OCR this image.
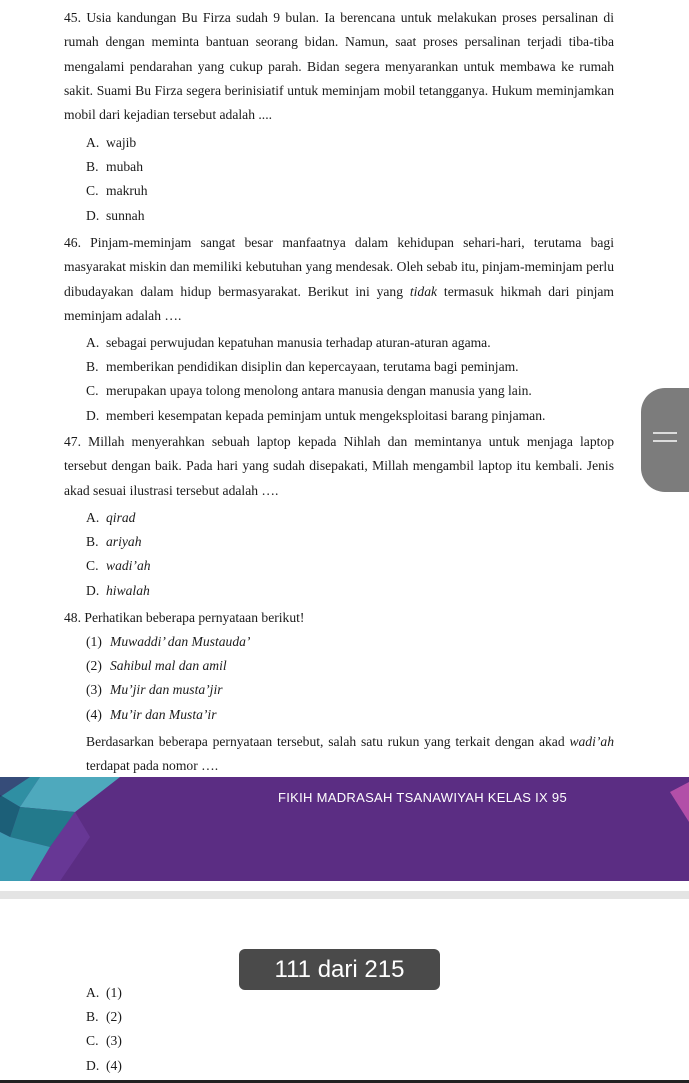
45. Usia kandungan Bu Firza sudah 9 bulan. Ia berencana untuk melakukan proses persalinan di rumah dengan meminta bantuan seorang bidan. Namun, saat proses persalinan terjadi tiba-tiba mengalami pendarahan yang cukup parah. Bidan segera menyarankan untuk membawa ke rumah sakit. Suami Bu Firza segera berinisiatif untuk meminjam mobil tetangganya. Hukum meminjamkan mobil dari kejadian tersebut adalah ....
A. wajib
B. mubah
C. makruh
D. sunnah
46. Pinjam-meminjam sangat besar manfaatnya dalam kehidupan sehari-hari, terutama bagi masyarakat miskin dan memiliki kebutuhan yang mendesak. Oleh sebab itu, pinjam-meminjam perlu dibudayakan dalam hidup bermasyarakat. Berikut ini yang tidak termasuk hikmah dari pinjam meminjam adalah ….
A. sebagai perwujudan kepatuhan manusia terhadap aturan-aturan agama.
B. memberikan pendidikan disiplin dan kepercayaan, terutama bagi peminjam.
C. merupakan upaya tolong menolong antara manusia dengan manusia yang lain.
D. memberi kesempatan kepada peminjam untuk mengeksploitasi barang pinjaman.
47. Millah menyerahkan sebuah laptop kepada Nihlah dan memintanya untuk menjaga laptop tersebut dengan baik. Pada hari yang sudah disepakati, Millah mengambil laptop itu kembali. Jenis akad sesuai ilustrasi tersebut adalah ….
A. qirad
B. ariyah
C. wadi’ah
D. hiwalah
48. Perhatikan beberapa pernyataan berikut!
(1) Muwaddi’ dan Mustauda’
(2) Sahibul mal dan amil
(3) Mu’jir dan musta’jir
(4) Mu’ir dan Musta’ir
Berdasarkan beberapa pernyataan tersebut, salah satu rukun yang terkait dengan akad wadi’ah terdapat pada nomor ….
FIKIH MADRASAH TSANAWIYAH KELAS IX 95
A. (1)
B. (2)
C. (3)
D. (4)
111 dari 215
